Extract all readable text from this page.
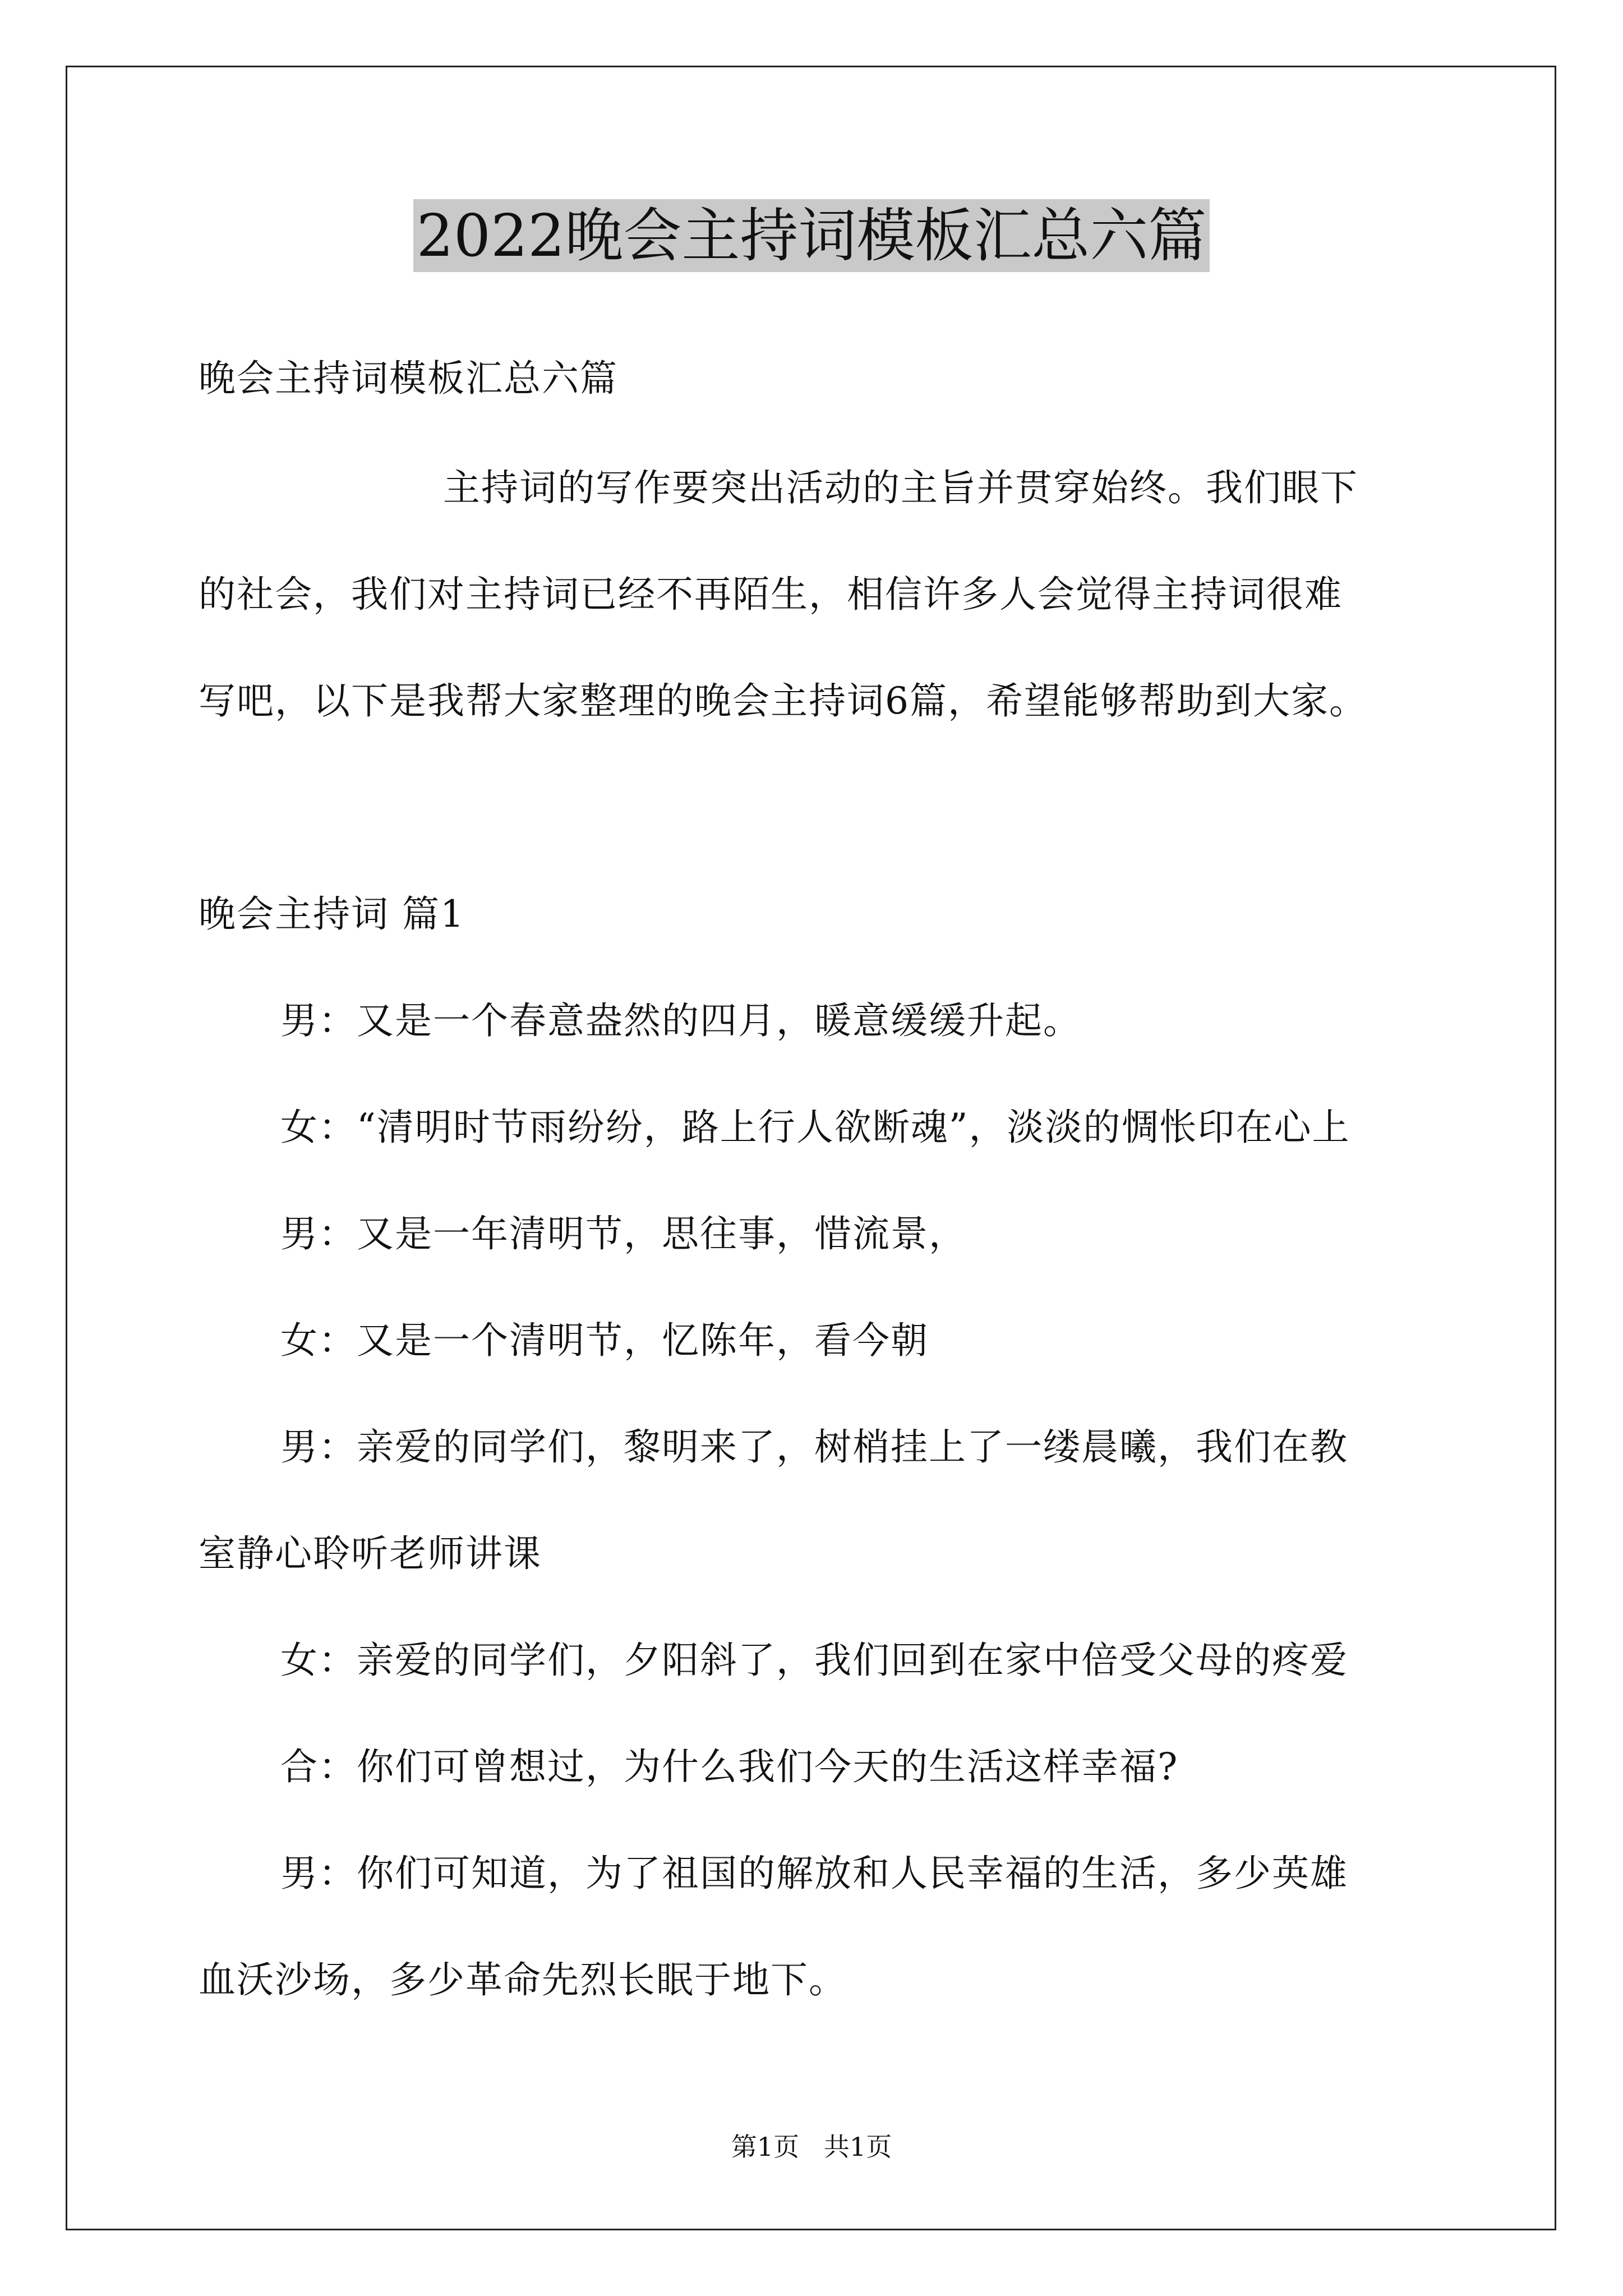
2022晚会主持词模板汇总六篇
晚会主持词模板汇总六篇
主持词的写作要突出活动的主旨并贯穿始终。我们眼下
的社会，我们对主持词已经不再陌生，相信许多人会觉得主持词很难
写吧，以下是我帮大家整理的晚会主持词6篇，希望能够帮助到大家。
晚会主持词 篇1
男：又是一个春意盎然的四月，暖意缓缓升起。
女：“清明时节雨纷纷，路上行人欲断魂”，淡淡的惆怅印在心上
男：又是一年清明节，思往事，惜流景，
女：又是一个清明节，忆陈年，看今朝
男：亲爱的同学们，黎明来了，树梢挂上了一缕晨曦，我们在教
室静心聆听老师讲课
女：亲爱的同学们，夕阳斜了，我们回到在家中倍受父母的疼爱
合：你们可曾想过，为什么我们今天的生活这样幸福?
男：你们可知道，为了祖国的解放和人民幸福的生活，多少英雄
血沃沙场，多少革命先烈长眠于地下。
第1页   共1页
